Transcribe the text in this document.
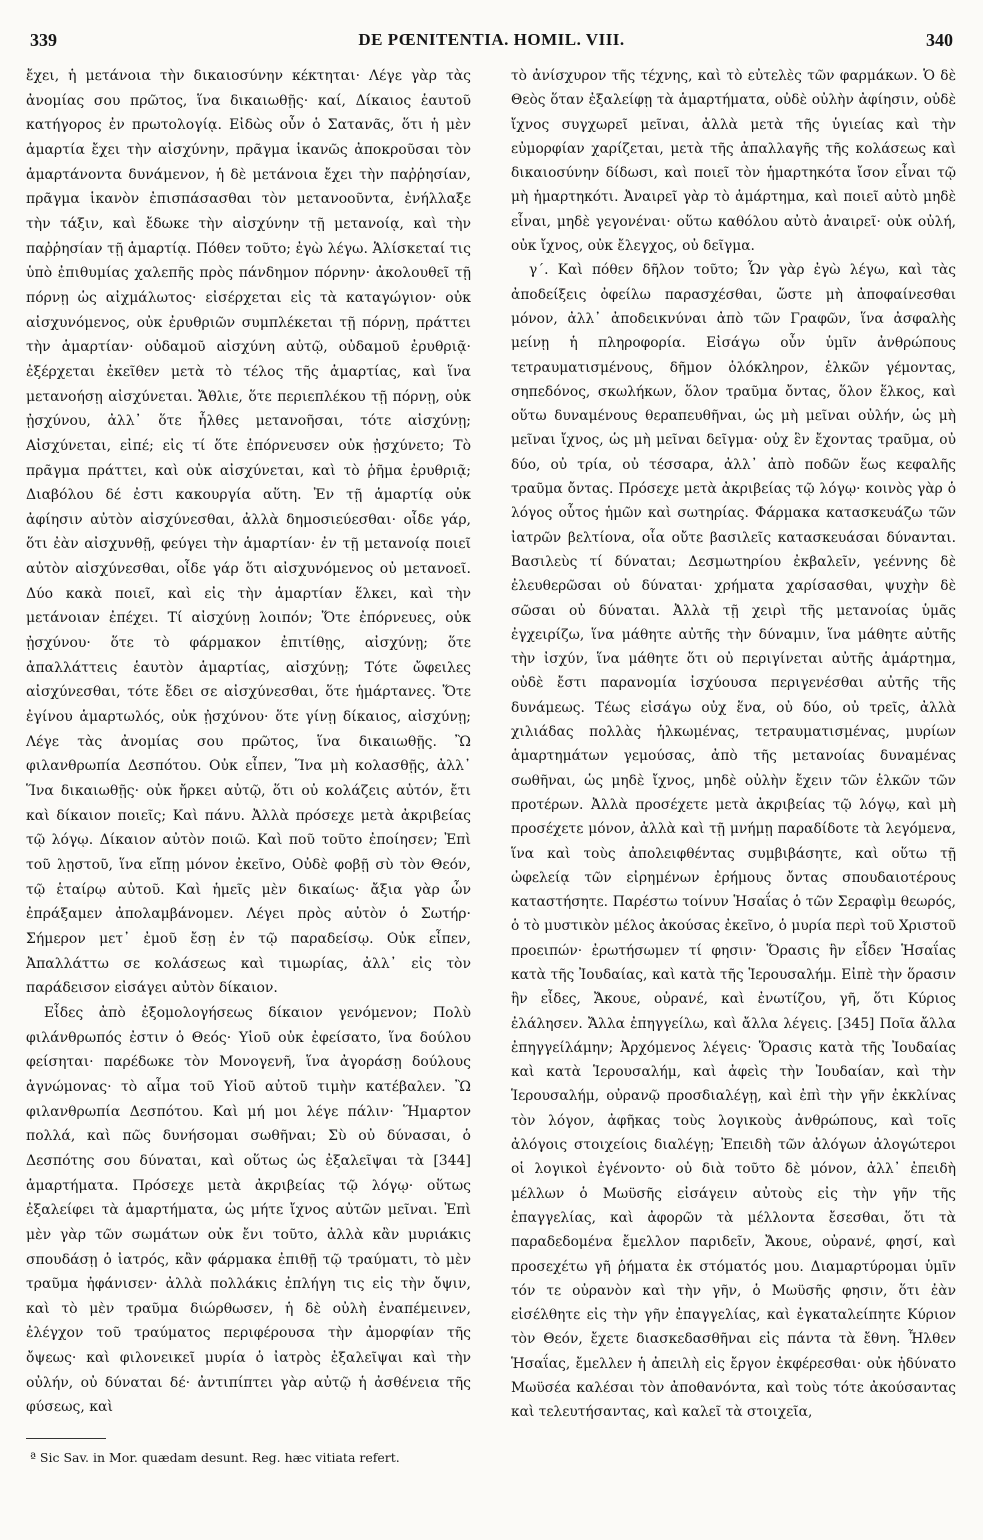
339	DE PŒNITENTIA. HOMIL. VIII.	340

ἔχει, ἡ μετάνοια τὴν δικαιοσύνην κέκτηται· Λέγε γὰρ τὰς ἀνομίας σου πρῶτος, ἵνα δικαιωθῇς· καί, Δίκαιος ἑαυτοῦ κατήγορος ἐν πρωτολογίᾳ. Εἰδὼς οὖν ὁ Σατανᾶς, ὅτι ἡ μὲν ἁμαρτία ἔχει τὴν αἰσχύνην, πρᾶγμα ἱκανῶς ἀποκροῦσαι τὸν ἁμαρτάνοντα δυνάμενον, ἡ δὲ μετάνοια ἔχει τὴν παῤῥησίαν, πρᾶγμα ἱκανὸν ἐπισπάσασθαι τὸν μετανοοῦντα, ἐνήλλαξε τὴν τάξιν, καὶ ἔδωκε τὴν αἰσχύνην τῇ μετανοίᾳ, καὶ τὴν παῤῥησίαν τῇ ἁμαρτίᾳ. Πόθεν τοῦτο; ἐγὼ λέγω. Ἁλίσκεταί τις ὑπὸ ἐπιθυμίας χαλεπῆς πρὸς πάνδημον πόρνην· ἀκολουθεῖ τῇ πόρνῃ ὡς αἰχμάλωτος· εἰσέρχεται εἰς τὰ καταγώγιον· οὐκ αἰσχυνόμενος, οὐκ ἐρυθριῶν συμπλέκεται τῇ πόρνῃ, πράττει τὴν ἁμαρτίαν· οὐδαμοῦ αἰσχύνη αὐτῷ, οὐδαμοῦ ἐρυθριᾷ· ἐξέρχεται ἐκεῖθεν μετὰ τὸ τέλος τῆς ἁμαρτίας, καὶ ἵνα μετανοήσῃ αἰσχύνεται. Ἄθλιε, ὅτε περιεπλέκου τῇ πόρνῃ, οὐκ ᾐσχύνου, ἀλλ᾽ ὅτε ἦλθες μετανοῆσαι, τότε αἰσχύνῃ; Αἰσχύνεται, εἰπέ; εἰς τί ὅτε ἐπόρνευσεν οὐκ ᾐσχύνετο; Τὸ πρᾶγμα πράττει, καὶ οὐκ αἰσχύνεται, καὶ τὸ ῥῆμα ἐρυθριᾷ; Διαβόλου δέ ἐστι κακουργία αὕτη. Ἐν τῇ ἁμαρτίᾳ οὐκ ἀφίησιν αὐτὸν αἰσχύνεσθαι, ἀλλὰ δημοσιεύεσθαι· οἶδε γάρ, ὅτι ἐὰν αἰσχυνθῇ, φεύγει τὴν ἁμαρτίαν· ἐν τῇ μετανοίᾳ ποιεῖ αὐτὸν αἰσχύνεσθαι, οἶδε γάρ ὅτι αἰσχυνόμενος οὐ μετανοεῖ. Δύο κακὰ ποιεῖ, καὶ εἰς τὴν ἁμαρτίαν ἕλκει, καὶ τὴν μετάνοιαν ἐπέχει. Τί αἰσχύνῃ λοιπόν; Ὅτε ἐπόρνευες, οὐκ ᾐσχύνου· ὅτε τὸ φάρμακον ἐπιτίθῃς, αἰσχύνῃ; ὅτε ἀπαλλάττεις ἑαυτὸν ἁμαρτίας, αἰσχύνῃ; Τότε ὤφειλες αἰσχύνεσθαι, τότε ἔδει σε αἰσχύνεσθαι, ὅτε ἡμάρτανες. Ὅτε ἐγίνου ἁμαρτωλός, οὐκ ᾐσχύνου· ὅτε γίνῃ δίκαιος, αἰσχύνῃ; Λέγε τὰς ἀνομίας σου πρῶτος, ἵνα δικαιωθῇς. Ὢ φιλανθρωπία Δεσπότου. Οὐκ εἶπεν, Ἵνα μὴ κολασθῇς, ἀλλ᾽ Ἵνα δικαιωθῇς· οὐκ ἤρκει αὐτῷ, ὅτι οὐ κολάζεις αὐτόν, ἔτι καὶ δίκαιον ποιεῖς; Καὶ πάνυ. Ἀλλὰ πρόσεχε μετὰ ἀκριβείας τῷ λόγῳ. Δίκαιον αὐτὸν ποιῶ. Καὶ ποῦ τοῦτο ἐποίησεν; Ἐπὶ τοῦ λῃστοῦ, ἵνα εἴπῃ μόνον ἐκεῖνο, Οὐδὲ φοβῇ σὺ τὸν Θεόν, τῷ ἑταίρῳ αὐτοῦ. Καὶ ἡμεῖς μὲν δικαίως· ἄξια γὰρ ὧν ἐπράξαμεν ἀπολαμβάνομεν. Λέγει πρὸς αὐτὸν ὁ Σωτήρ· Σήμερον μετ᾽ ἐμοῦ ἔσῃ ἐν τῷ παραδείσῳ. Οὐκ εἶπεν, Ἀπαλλάττω σε κολάσεως καὶ τιμωρίας, ἀλλ᾽ εἰς τὸν παράδεισον εἰσάγει αὐτὸν δίκαιον.

Εἶδες ἀπὸ ἐξομολογήσεως δίκαιον γενόμενον; Πολὺ φιλάνθρωπός ἐστιν ὁ Θεός· Υἱοῦ οὐκ ἐφείσατο, ἵνα δούλου φείσηται· παρέδωκε τὸν Μονογενῆ, ἵνα ἀγοράσῃ δούλους ἀγνώμονας· τὸ αἷμα τοῦ Υἱοῦ αὐτοῦ τιμὴν κατέβαλεν. Ὢ φιλανθρωπία Δεσπότου. Καὶ μή μοι λέγε πάλιν· Ἥμαρτον πολλά, καὶ πῶς δυνήσομαι σωθῆναι; Σὺ οὐ δύνασαι, ὁ Δεσπότης σου δύναται, καὶ οὕτως ὡς ἐξαλεῖψαι τὰ [344] ἁμαρτήματα. Πρόσεχε μετὰ ἀκριβείας τῷ λόγῳ· οὕτως ἐξαλείφει τὰ ἁμαρτήματα, ὡς μήτε ἴχνος αὐτῶν μεῖναι. Ἐπὶ μὲν γὰρ τῶν σωμάτων οὐκ ἔνι τοῦτο, ἀλλὰ κἂν μυριάκις σπουδάσῃ ὁ ἰατρός, κἂν φάρμακα ἐπιθῇ τῷ τραύματι, τὸ μὲν τραῦμα ἠφάνισεν· ἀλλὰ πολλάκις ἐπλήγη τις εἰς τὴν ὄψιν, καὶ τὸ μὲν τραῦμα διώρθωσεν, ἡ δὲ οὐλὴ ἐναπέμεινεν, ἐλέγχον τοῦ τραύματος περιφέρουσα τὴν ἀμορφίαν τῆς ὄψεως· καὶ φιλονεικεῖ μυρία ὁ ἰατρὸς ἐξαλεῖψαι καὶ τὴν οὐλήν, οὐ δύναται δέ· ἀντιπίπτει γὰρ αὐτῷ ἡ ἀσθένεια τῆς φύσεως, καὶ

τὸ ἀνίσχυρον τῆς τέχνης, καὶ τὸ εὐτελὲς τῶν φαρμάκων. Ὁ δὲ Θεὸς ὅταν ἐξαλείφῃ τὰ ἁμαρτήματα, οὐδὲ οὐλὴν ἀφίησιν, οὐδὲ ἴχνος συγχωρεῖ μεῖναι, ἀλλὰ μετὰ τῆς ὑγιείας καὶ τὴν εὐμορφίαν χαρίζεται, μετὰ τῆς ἀπαλλαγῆς τῆς κολάσεως καὶ δικαιοσύνην δίδωσι, καὶ ποιεῖ τὸν ἡμαρτηκότα ἴσον εἶναι τῷ μὴ ἡμαρτηκότι. Ἀναιρεῖ γὰρ τὸ ἁμάρτημα, καὶ ποιεῖ αὐτὸ μηδὲ εἶναι, μηδὲ γεγονέναι· οὕτω καθόλου αὐτὸ ἀναιρεῖ· οὐκ οὐλή, οὐκ ἴχνος, οὐκ ἔλεγχος, οὐ δεῖγμα.

γ΄. Καὶ πόθεν δῆλον τοῦτο; Ὧν γὰρ ἐγὼ λέγω, καὶ τὰς ἀποδείξεις ὀφείλω παρασχέσθαι, ὥστε μὴ ἀποφαίνεσθαι μόνον, ἀλλ᾽ ἀποδεικνύναι ἀπὸ τῶν Γραφῶν, ἵνα ἀσφαλὴς μείνῃ ἡ πληροφορία. Εἰσάγω οὖν ὑμῖν ἀνθρώπους τετραυματισμένους, δῆμον ὁλόκληρον, ἑλκῶν γέμοντας, σηπεδόνος, σκωλήκων, ὅλον τραῦμα ὄντας, ὅλον ἕλκος, καὶ οὕτω δυναμένους θεραπευθῆναι, ὡς μὴ μεῖναι οὐλήν, ὡς μὴ μεῖναι ἴχνος, ὡς μὴ μεῖναι δεῖγμα· οὐχ ἓν ἔχοντας τραῦμα, οὐ δύο, οὐ τρία, οὐ τέσσαρα, ἀλλ᾽ ἀπὸ ποδῶν ἕως κεφαλῆς τραῦμα ὄντας. Πρόσεχε μετὰ ἀκριβείας τῷ λόγῳ· κοινὸς γὰρ ὁ λόγος οὗτος ἡμῶν καὶ σωτηρίας. Φάρμακα κατασκευάζω τῶν ἰατρῶν βελτίονα, οἷα οὔτε βασιλεῖς κατασκευάσαι δύνανται. Βασιλεὺς τί δύναται; Δεσμωτηρίου ἐκβαλεῖν, γεέννης δὲ ἐλευθερῶσαι οὐ δύναται· χρήματα χαρίσασθαι, ψυχὴν δὲ σῶσαι οὐ δύναται. Ἀλλὰ τῇ χειρὶ τῆς μετανοίας ὑμᾶς ἐγχειρίζω, ἵνα μάθητε αὐτῆς τὴν δύναμιν, ἵνα μάθητε αὐτῆς τὴν ἰσχύν, ἵνα μάθητε ὅτι οὐ περιγίνεται αὐτῆς ἁμάρτημα, οὐδὲ ἔστι παρανομία ἰσχύουσα περιγενέσθαι αὐτῆς τῆς δυνάμεως. Τέως εἰσάγω οὐχ ἕνα, οὐ δύο, οὐ τρεῖς, ἀλλὰ χιλιάδας πολλὰς ἡλκωμένας, τετραυματισμένας, μυρίων ἁμαρτημάτων γεμούσας, ἀπὸ τῆς μετανοίας δυναμένας σωθῆναι, ὡς μηδὲ ἴχνος, μηδὲ οὐλὴν ἔχειν τῶν ἑλκῶν τῶν προτέρων. Ἀλλὰ προσέχετε μετὰ ἀκριβείας τῷ λόγῳ, καὶ μὴ προσέχετε μόνον, ἀλλὰ καὶ τῇ μνήμῃ παραδίδοτε τὰ λεγόμενα, ἵνα καὶ τοὺς ἀπολειφθέντας συμβιβάσητε, καὶ οὕτω τῇ ὠφελείᾳ τῶν εἰρημένων ἐρήμους ὄντας σπουδαιοτέρους καταστήσητε. Παρέστω τοίνυν Ἡσαΐας ὁ τῶν Σεραφὶμ θεωρός, ὁ τὸ μυστικὸν μέλος ἀκούσας ἐκεῖνο, ὁ μυρία περὶ τοῦ Χριστοῦ προειπών· ἐρωτήσωμεν τί φησιν· Ὅρασις ἣν εἶδεν Ἡσαΐας κατὰ τῆς Ἰουδαίας, καὶ κατὰ τῆς Ἱερουσαλήμ. Εἰπὲ τὴν ὅρασιν ἣν εἶδες, Ἄκουε, οὐρανέ, καὶ ἐνωτίζου, γῆ, ὅτι Κύριος ἐλάλησεν. Ἄλλα ἐπηγγείλω, καὶ ἄλλα λέγεις. [345] Ποῖα ἄλλα ἐπηγγείλάμην; Ἀρχόμενος λέγεις· Ὅρασις κατὰ τῆς Ἰουδαίας καὶ κατὰ Ἱερουσαλήμ, καὶ ἀφεὶς τὴν Ἰουδαίαν, καὶ τὴν Ἱερουσαλήμ, οὐρανῷ προσδιαλέγῃ, καὶ ἐπὶ τὴν γῆν ἐκκλίνας τὸν λόγον, ἀφῆκας τοὺς λογικοὺς ἀνθρώπους, καὶ τοῖς ἀλόγοις στοιχείοις διαλέγῃ; Ἐπειδὴ τῶν ἀλόγων ἀλογώτεροι οἱ λογικοὶ ἐγένοντο· οὐ διὰ τοῦτο δὲ μόνον, ἀλλ᾽ ἐπειδὴ μέλλων ὁ Μωϋσῆς εἰσάγειν αὐτοὺς εἰς τὴν γῆν τῆς ἐπαγγελίας, καὶ ἀφορῶν τὰ μέλλοντα ἔσεσθαι, ὅτι τὰ παραδεδομένα ἔμελλον παριδεῖν, Ἄκουε, οὐρανέ, φησί, καὶ προσεχέτω γῆ ῥήματα ἐκ στόματός μου. Διαμαρτύρομαι ὑμῖν τόν τε οὐρανὸν καὶ τὴν γῆν, ὁ Μωϋσῆς φησιν, ὅτι ἐὰν εἰσέλθητε εἰς τὴν γῆν ἐπαγγελίας, καὶ ἐγκαταλείπητε Κύριον τὸν Θεόν, ἔχετε διασκεδασθῆναι εἰς πάντα τὰ ἔθνη. Ἦλθεν Ἡσαΐας, ἔμελλεν ἡ ἀπειλὴ εἰς ἔργον ἐκφέρεσθαι· οὐκ ἠδύνατο Μωϋσέα καλέσαι τὸν ἀποθανόντα, καὶ τοὺς τότε ἀκούσαντας καὶ τελευτήσαντας, καὶ καλεῖ τὰ στοιχεῖα,

ª Sic Sav. in Mor. quædam desunt. Reg. hæc vitiata refert.
